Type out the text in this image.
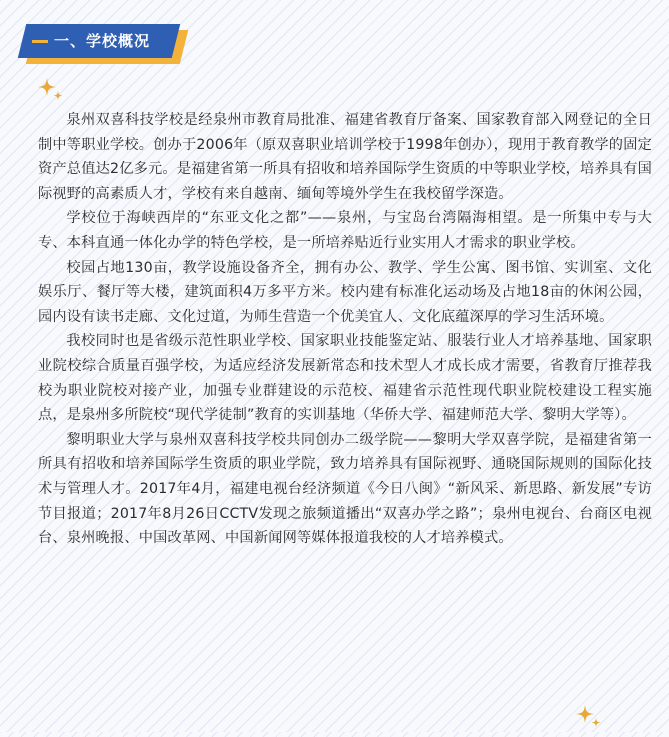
一、学校概况

泉州双喜科技学校是经泉州市教育局批准、福建省教育厅备案、国家教育部入网登记的全日制中等职业学校。创办于2006年（原双喜职业培训学校于1998年创办），现用于教育教学的固定资产总值达2亿多元。是福建省第一所具有招收和培养国际学生资质的中等职业学校，培养具有国际视野的高素质人才，学校有来自越南、缅甸等境外学生在我校留学深造。

学校位于海峡西岸的“东亚文化之都”——泉州，与宝岛台湾隔海相望。是一所集中专与大专、本科直通一体化办学的特色学校，是一所培养贴近行业实用人才需求的职业学校。

校园占地130亩，教学设施设备齐全，拥有办公、教学、学生公寓、图书馆、实训室、文化娱乐厅、餐厅等大楼，建筑面积4万多平方米。校内建有标准化运动场及占地18亩的休闲公园，园内设有读书走廊、文化过道，为师生营造一个优美宜人、文化底蕴深厚的学习生活环境。

我校同时也是省级示范性职业学校、国家职业技能鉴定站、服装行业人才培养基地、国家职业院校综合质量百强学校，为适应经济发展新常态和技术型人才成长成才需要，省教育厅推荐我校为职业院校对接产业，加强专业群建设的示范校、福建省示范性现代职业院校建设工程实施点，是泉州多所院校“现代学徒制”教育的实训基地（华侨大学、福建师范大学、黎明大学等）。

黎明职业大学与泉州双喜科技学校共同创办二级学院——黎明大学双喜学院，是福建省第一所具有招收和培养国际学生资质的职业学院，致力培养具有国际视野、通晓国际规则的国际化技术与管理人才。2017年4月，福建电视台经济频道《今日八闽》“新风采、新思路、新发展”专访节目报道；2017年8月26日CCTV发现之旅频道播出“双喜办学之路”；泉州电视台、台商区电视台、泉州晚报、中国改革网、中国新闻网等媒体报道我校的人才培养模式。
